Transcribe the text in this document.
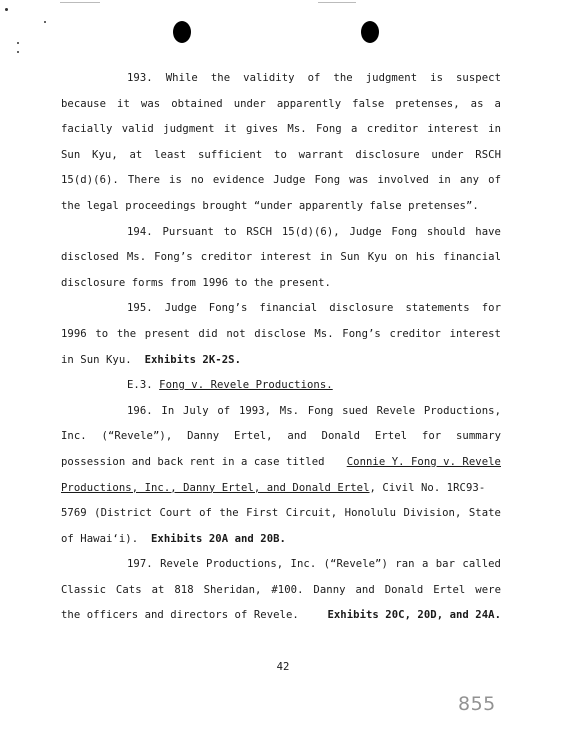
193. While the validity of the judgment is suspect
because it was obtained under apparently false pretenses, as a
facially valid judgment it gives Ms. Fong a creditor interest in
Sun Kyu, at least sufficient to warrant disclosure under RSCH
15(d)(6). There is no evidence Judge Fong was involved in any of
the legal proceedings brought “under apparently false pretenses”.
194. Pursuant to RSCH 15(d)(6), Judge Fong should have
disclosed Ms. Fong’s creditor interest in Sun Kyu on his financial
disclosure forms from 1996 to the present.
195. Judge Fong’s financial disclosure statements for
1996 to the present did not disclose Ms. Fong’s creditor interest
in Sun Kyu. Exhibits 2K-2S.
E.3. Fong v. Revele Productions.
196. In July of 1993, Ms. Fong sued Revele Productions,
Inc. (“Revele”), Danny Ertel, and Donald Ertel for summary
possession and back rent in a case titled Connie Y. Fong v. Revele
Productions, Inc., Danny Ertel, and Donald Ertel, Civil No. 1RC93-
5769 (District Court of the First Circuit, Honolulu Division, State
of Hawai‘i). Exhibits 20A and 20B.
197. Revele Productions, Inc. (“Revele”) ran a bar called
Classic Cats at 818 Sheridan, #100. Danny and Donald Ertel were
the officers and directors of Revele.	Exhibits 20C, 20D, and 24A.
42
855
